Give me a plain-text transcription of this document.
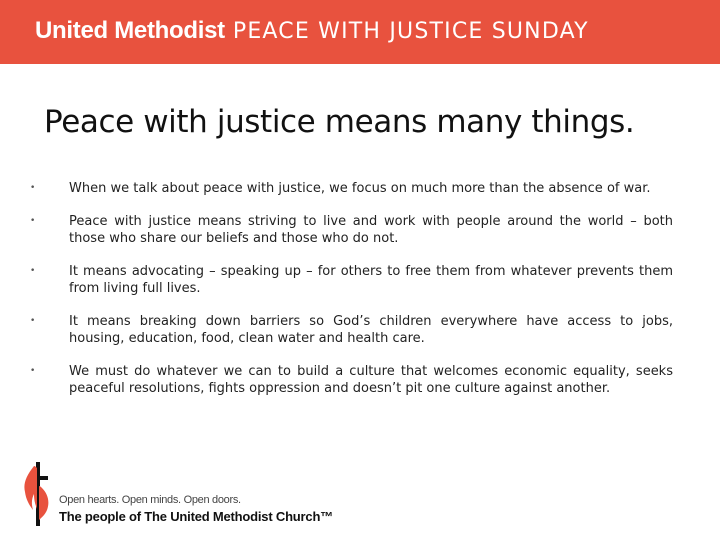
United Methodist PEACE WITH JUSTICE SUNDAY
Peace with justice means many things.
•	When we talk about peace with justice, we focus on much more than the absence of war.
•	Peace with justice means striving to live and work with people around the world – both those who share our beliefs and those who do not.
•	It means advocating – speaking up – for others to free them from whatever prevents them from living full lives.
•	It means breaking down barriers so God’s children everywhere have access to jobs, housing, education, food, clean water and health care.
•	We must do whatever we can to build a culture that welcomes economic equality, seeks peaceful resolutions, fights oppression and doesn’t pit one culture against another.
Open hearts. Open minds. Open doors.
The people of The United Methodist Church™
